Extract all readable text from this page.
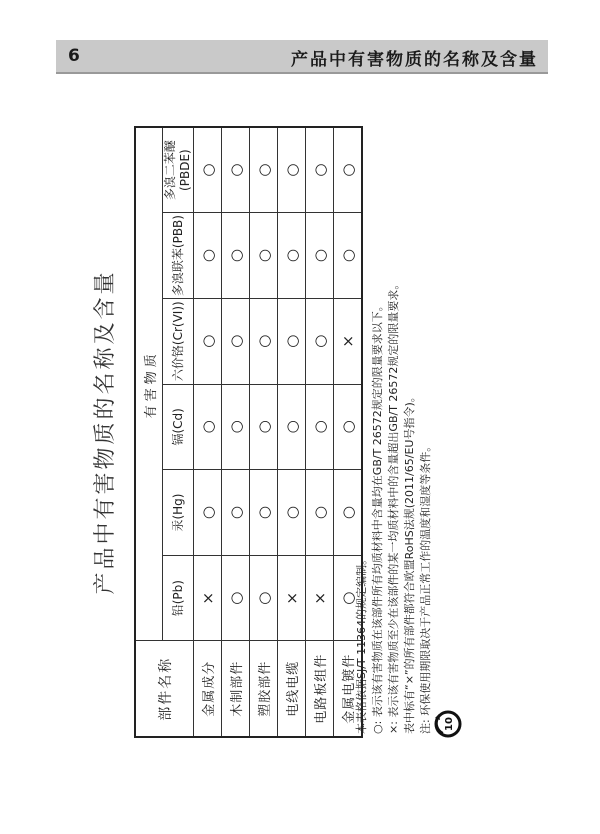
6	产品中有害物质的名称及含量
产品中有害物质的名称及含量
部件名称	有害物质					
	铅(Pb)	汞(Hg)	镉(Cd)	六价铬(Cr(VI))	多溴联苯(PBB)	多溴二苯醚(PBDE)
金属成分	×	○	○	○	○	○
木制部件	○	○	○	○	○	○
塑胶部件	○	○	○	○	○	○
电线电缆	×	○	○	○	○	○
电路板组件	×	○	○	○	○	○
金属电镀件	○	○	○	×	○	○

本表格依据SJ/T 11364的规定编制。 ○: 表示该有害物质在该部件所有均质材料中含量均在GB/T 26572规定的限量要求以下。 ×: 表示该有害物质至少在该部件的某一均质材料中的含量超出GB/T 26572规定的限量要求。 表中标有“×”的所有部件都符合欧盟RoHS法规(2011/65/EU号指令)。 注: 环保使用期限取决于产品正常工作的温度和湿度等条件。 10
